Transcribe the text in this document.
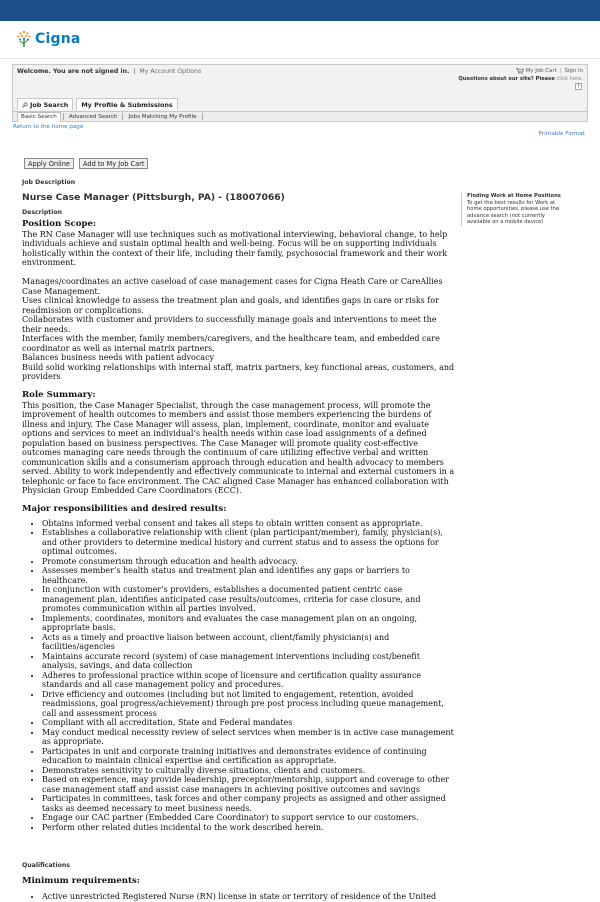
Cigna
Welcome. You are not signed in. | My Account Options	My Job Cart | Sign In
Questions about our site? Please click here.
?
Job Search My Profile & Submissions
Basic Search	Advanced Search	Jobs Matching My Profile
Return to the home page
Printable Format
Apply Online	Add to My Job Cart
Job Description
Nurse Case Manager (Pittsburgh, PA) - (18007066)
Description
Finding Work at Home Positions
To get the best results for Work at home opportunities, please use the advance search (not currently available on a mobile device)

Position Scope:

The RN Case Manager will use techniques such as motivational interviewing, behavioral change, to help individuals achieve and sustain optimal health and well-being. Focus will be on supporting individuals holistically within the context of their life, including their family, psychosocial framework and their work environment.

Manages/coordinates an active caseload of case management cases for Cigna Heath Care or CareAllies Case Management.

Uses clinical knowledge to assess the treatment plan and goals, and identifies gaps in care or risks for readmission or complications.

Collaborates with customer and providers to successfully manage goals and interventions to meet the their needs.

Interfaces with the member, family members/caregivers, and the healthcare team, and embedded care coordinator as well as internal matrix partners.

Balances business needs with patient advocacy

Build solid working relationships with internal staff, matrix partners, key functional areas, customers, and providers

Role Summary:

This position, the Case Manager Specialist, through the case management process, will promote the improvement of health outcomes to members and assist those members experiencing the burdens of illness and injury. The Case Manager will assess, plan, implement, coordinate, monitor and evaluate options and services to meet an individual’s health needs within case load assignments of a defined population based on business perspectives. The Case Manager will promote quality cost-effective outcomes managing care needs through the continuum of care utilizing effective verbal and written communication skills and a consumerism approach through education and health advocacy to members served. Ability to work independently and effectively communicate to internal and external customers in a telephonic or face to face environment. The CAC aligned Case Manager has enhanced collaboration with Physician Group Embedded Care Coordinators (ECC).

Major responsibilities and desired results:

• Obtains informed verbal consent and takes all steps to obtain written consent as appropriate.
• Establishes a collaborative relationship with client (plan participant/member), family, physician(s), and other providers to determine medical history and current status and to assess the options for optimal outcomes.
• Promote consumerism through education and health advocacy.
• Assesses member’s health status and treatment plan and identifies any gaps or barriers to healthcare.
• In conjunction with customer’s providers, establishes a documented patient centric case management plan, identifies anticipated case results/outcomes, criteria for case closure, and promotes communication within all parties involved.
• Implements, coordinates, monitors and evaluates the case management plan on an ongoing, appropriate basis.
• Acts as a timely and proactive liaison between account, client/family physician(s) and facilities/agencies
• Maintains accurate record (system) of case management interventions including cost/benefit analysis, savings, and data collection
• Adheres to professional practice within scope of licensure and certification quality assurance standards and all case management policy and procedures.
• Drive efficiency and outcomes (including but not limited to engagement, retention, avoided readmissions, goal progress/achievement) through pre post process including queue management, call and assessment process
• Compliant with all accreditation, State and Federal mandates
• May conduct medical necessity review of select services when member is in active case management as appropriate.
• Participates in unit and corporate training initiatives and demonstrates evidence of continuing education to maintain clinical expertise and certification as appropriate.
• Demonstrates sensitivity to culturally diverse situations, clients and customers.
• Based on experience, may provide leadership, preceptor/mentorship, support and coverage to other case management staff and assist case managers in achieving positive outcomes and savings
• Participates in committees, task forces and other company projects as assigned and other assigned tasks as deemed necessary to meet business needs.
• Engage our CAC partner (Embedded Care Coordinator) to support service to our customers.
• Perform other related duties incidental to the work described herein.
Qualifications
Minimum requirements:
• Active unrestricted Registered Nurse (RN) license in state or territory of residence of the United
